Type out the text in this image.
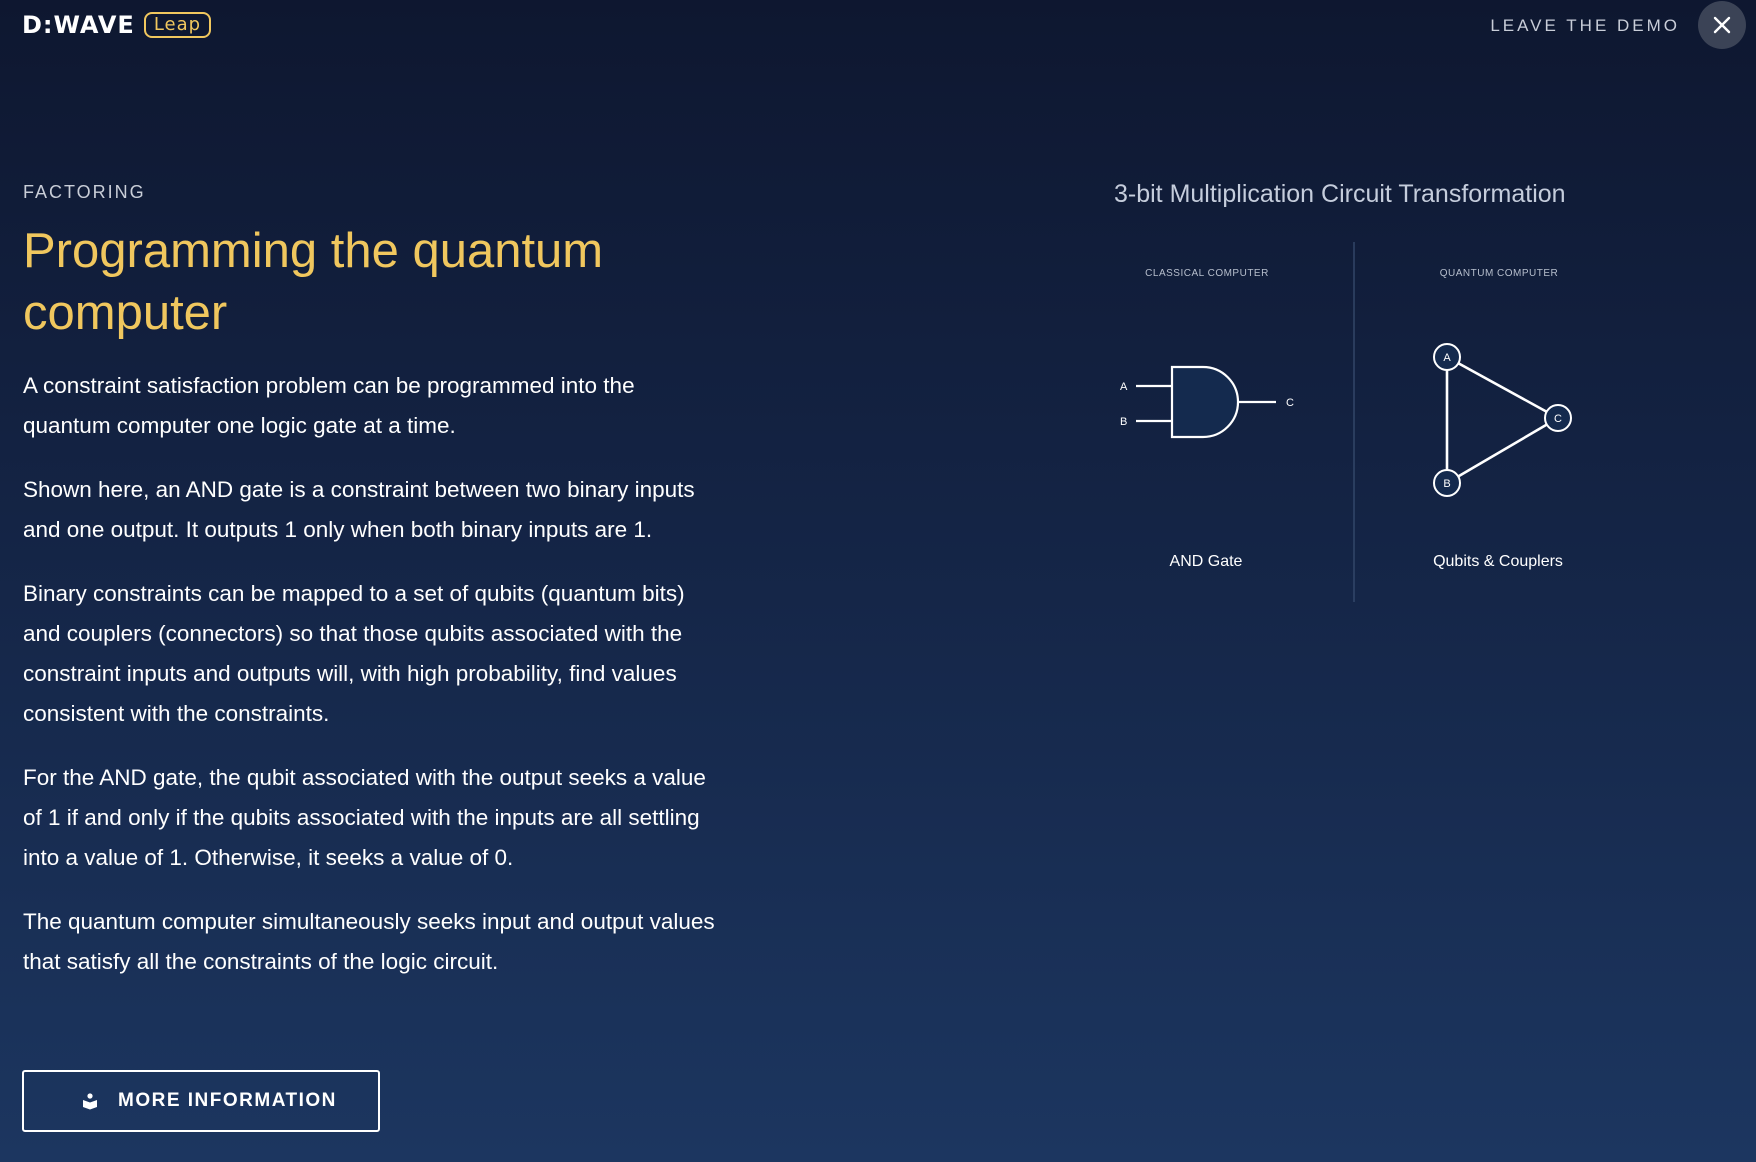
D:WAVE	Leap	LEAVE THE DEMO
FACTORING
Programming the quantum computer

A constraint satisfaction problem can be programmed into the quantum computer one logic gate at a time.

Shown here, an AND gate is a constraint between two binary inputs and one output. It outputs 1 only when both binary inputs are 1.

Binary constraints can be mapped to a set of qubits (quantum bits) and couplers (connectors) so that those qubits associated with the constraint inputs and outputs will, with high probability, find values consistent with the constraints.

For the AND gate, the qubit associated with the output seeks a value of 1 if and only if the qubits associated with the inputs are all settling into a value of 1. Otherwise, it seeks a value of 0.

The quantum computer simultaneously seeks input and output values that satisfy all the constraints of the logic circuit.

MORE INFORMATION
3-bit Multiplication Circuit Transformation
CLASSICAL COMPUTER
A
B
C
AND Gate
QUANTUM COMPUTER
A
B
C
Qubits & Couplers
